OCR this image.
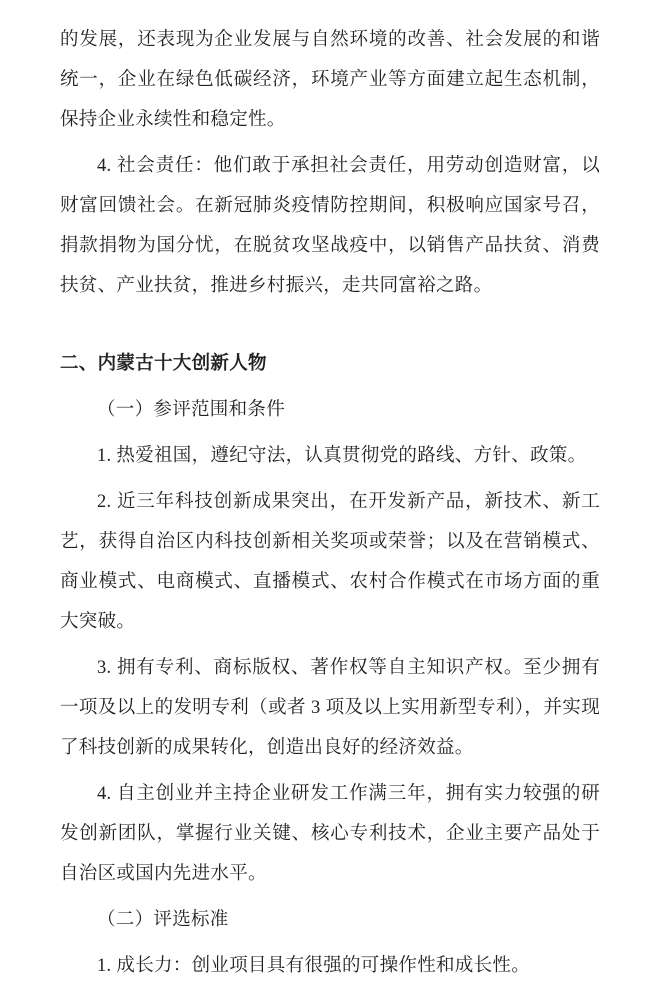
的发展，还表现为企业发展与自然环境的改善、社会发展的和谐统一，企业在绿色低碳经济，环境产业等方面建立起生态机制，保持企业永续性和稳定性。

4. 社会责任：他们敢于承担社会责任，用劳动创造财富，以财富回馈社会。在新冠肺炎疫情防控期间，积极响应国家号召，捐款捐物为国分忧，在脱贫攻坚战疫中，以销售产品扶贫、消费扶贫、产业扶贫，推进乡村振兴，走共同富裕之路。

二、内蒙古十大创新人物

（一）参评范围和条件

1. 热爱祖国，遵纪守法，认真贯彻党的路线、方针、政策。

2. 近三年科技创新成果突出，在开发新产品，新技术、新工艺，获得自治区内科技创新相关奖项或荣誉；以及在营销模式、商业模式、电商模式、直播模式、农村合作模式在市场方面的重大突破。

3. 拥有专利、商标版权、著作权等自主知识产权。至少拥有一项及以上的发明专利（或者 3 项及以上实用新型专利），并实现了科技创新的成果转化，创造出良好的经济效益。

4. 自主创业并主持企业研发工作满三年，拥有实力较强的研发创新团队，掌握行业关键、核心专利技术，企业主要产品处于自治区或国内先进水平。

（二）评选标准

1. 成长力：创业项目具有很强的可操作性和成长性。
